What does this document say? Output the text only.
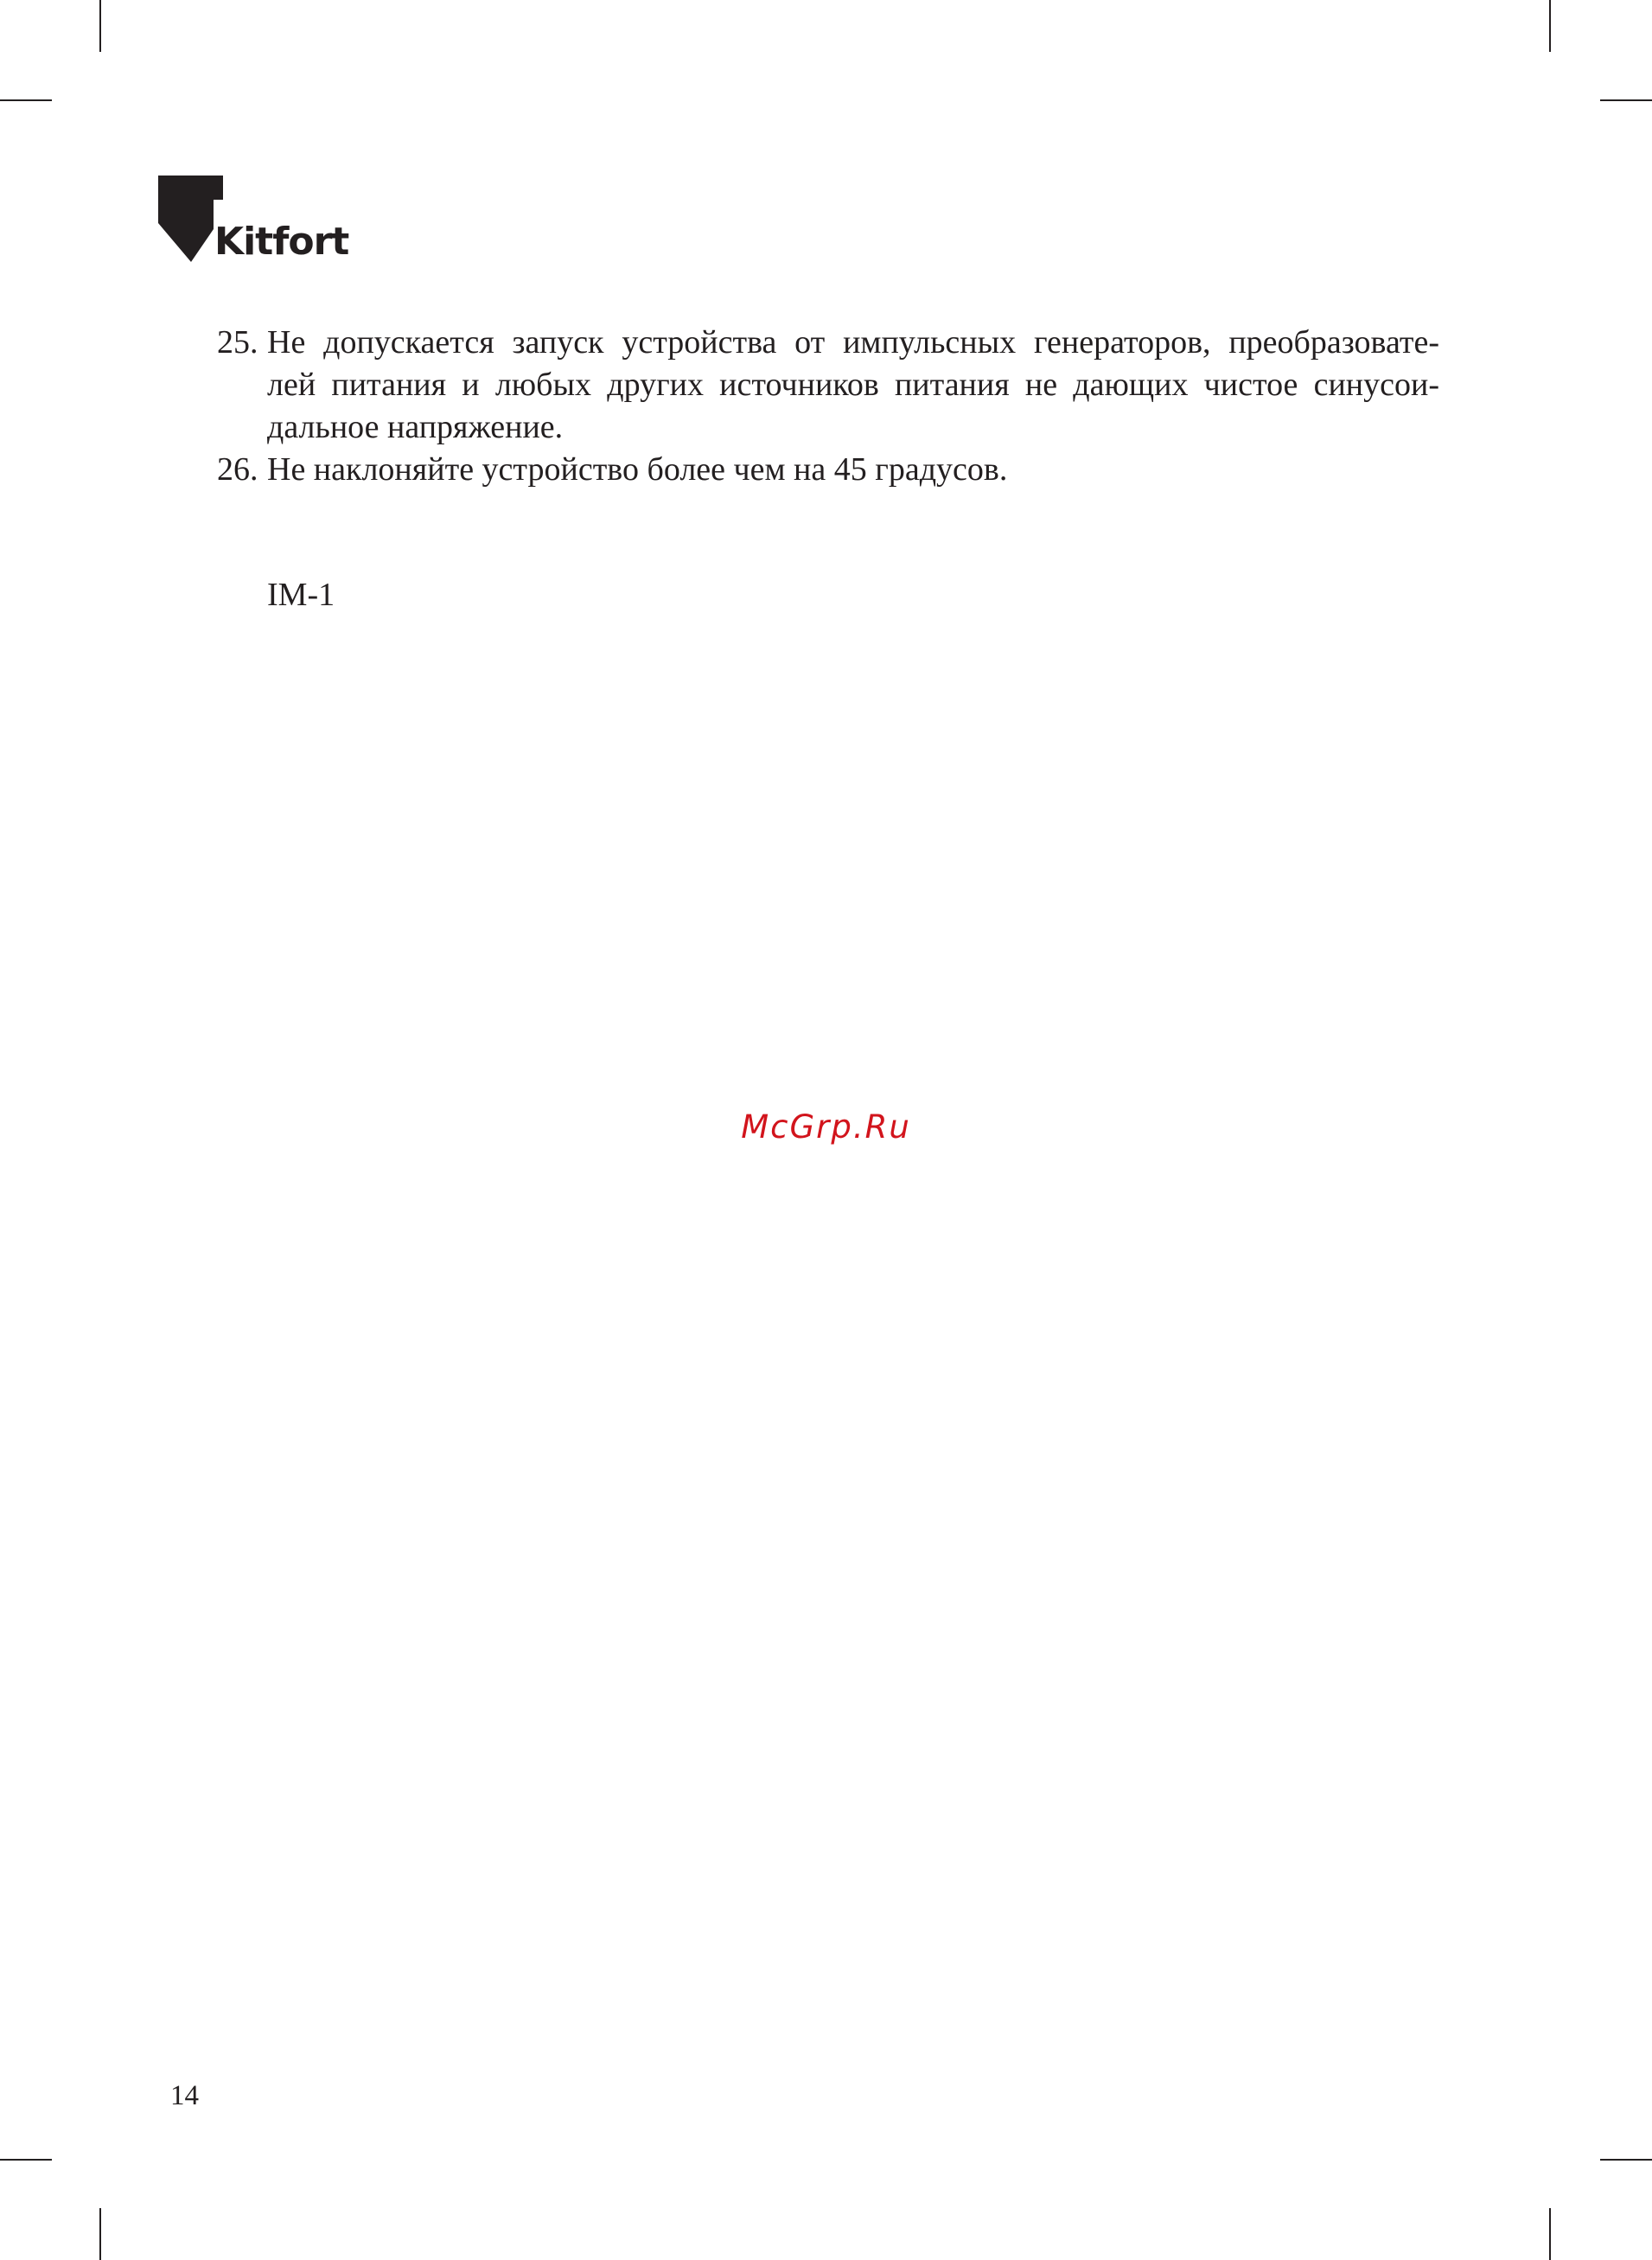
Kitfort
25. Не допускается запуск устройства от импульсных генераторов, преобразовате-
лей питания и любых других источников питания не дающих чистое синусои-
дальное напряжение.
26. Не наклоняйте устройство более чем на 45 градусов.
IM-1
McGrp.Ru
14
